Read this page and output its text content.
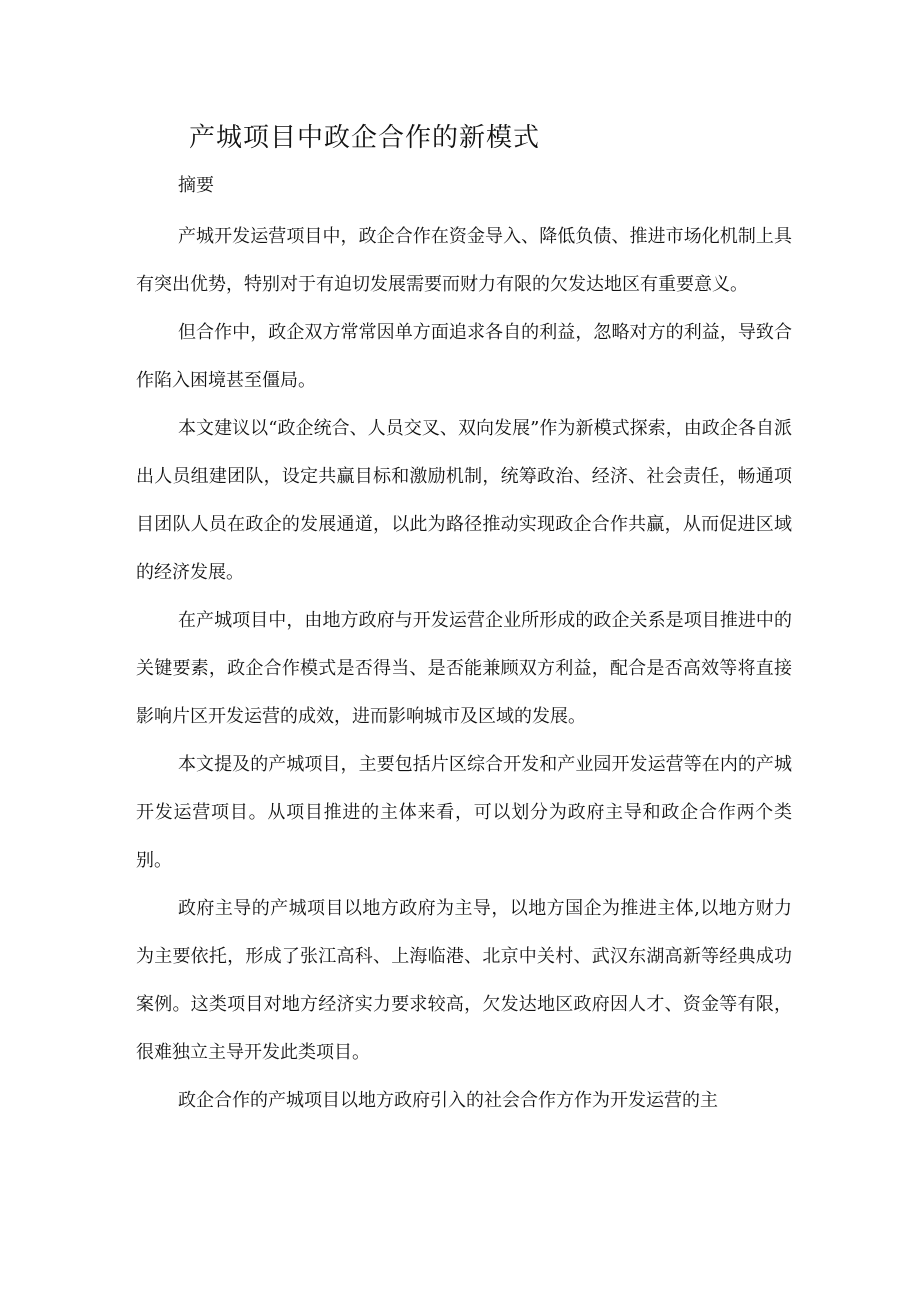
产城项目中政企合作的新模式

摘要

产城开发运营项目中，政企合作在资金导入、降低负债、推进市场化机制上具有突出优势，特别对于有迫切发展需要而财力有限的欠发达地区有重要意义。

但合作中，政企双方常常因单方面追求各自的利益，忽略对方的利益，导致合作陷入困境甚至僵局。

本文建议以“政企统合、人员交叉、双向发展”作为新模式探索，由政企各自派出人员组建团队，设定共赢目标和激励机制，统筹政治、经济、社会责任，畅通项目团队人员在政企的发展通道，以此为路径推动实现政企合作共赢，从而促进区域的经济发展。

在产城项目中，由地方政府与开发运营企业所形成的政企关系是项目推进中的关键要素，政企合作模式是否得当、是否能兼顾双方利益，配合是否高效等将直接影响片区开发运营的成效，进而影响城市及区域的发展。

本文提及的产城项目，主要包括片区综合开发和产业园开发运营等在内的产城开发运营项目。从项目推进的主体来看，可以划分为政府主导和政企合作两个类别。

政府主导的产城项目以地方政府为主导，以地方国企为推进主体,以地方财力为主要依托，形成了张江高科、上海临港、北京中关村、武汉东湖高新等经典成功案例。这类项目对地方经济实力要求较高，欠发达地区政府因人才、资金等有限，很难独立主导开发此类项目。

政企合作的产城项目以地方政府引入的社会合作方作为开发运营的主
